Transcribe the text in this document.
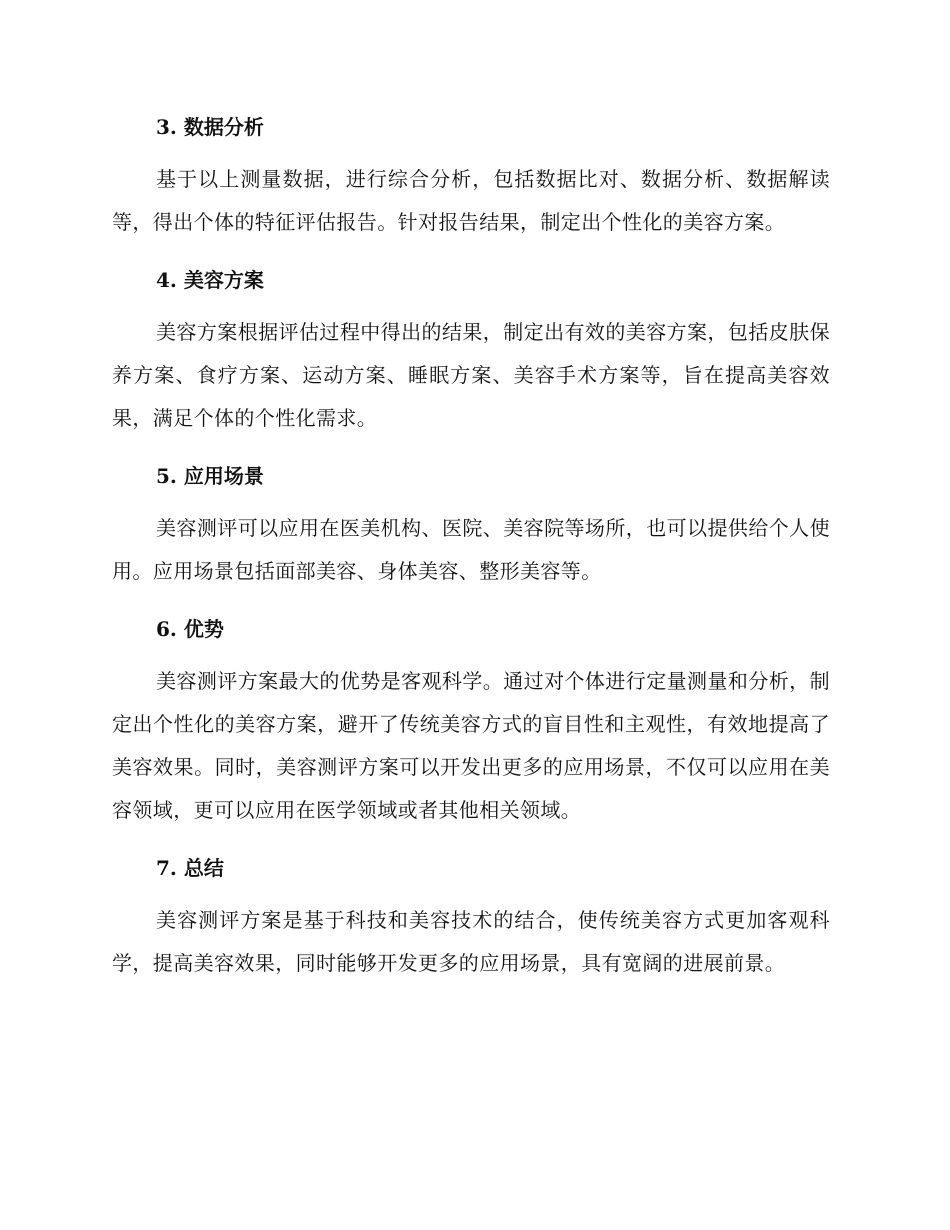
3. 数据分析

基于以上测量数据，进行综合分析，包括数据比对、数据分析、数据解读等，得出个体的特征评估报告。针对报告结果，制定出个性化的美容方案。

4. 美容方案

美容方案根据评估过程中得出的结果，制定出有效的美容方案，包括皮肤保养方案、食疗方案、运动方案、睡眠方案、美容手术方案等，旨在提高美容效果，满足个体的个性化需求。

5. 应用场景

美容测评可以应用在医美机构、医院、美容院等场所，也可以提供给个人使用。应用场景包括面部美容、身体美容、整形美容等。

6. 优势

美容测评方案最大的优势是客观科学。通过对个体进行定量测量和分析，制定出个性化的美容方案，避开了传统美容方式的盲目性和主观性，有效地提高了美容效果。同时，美容测评方案可以开发出更多的应用场景，不仅可以应用在美容领域，更可以应用在医学领域或者其他相关领域。

7. 总结

美容测评方案是基于科技和美容技术的结合，使传统美容方式更加客观科学，提高美容效果，同时能够开发更多的应用场景，具有宽阔的进展前景。
